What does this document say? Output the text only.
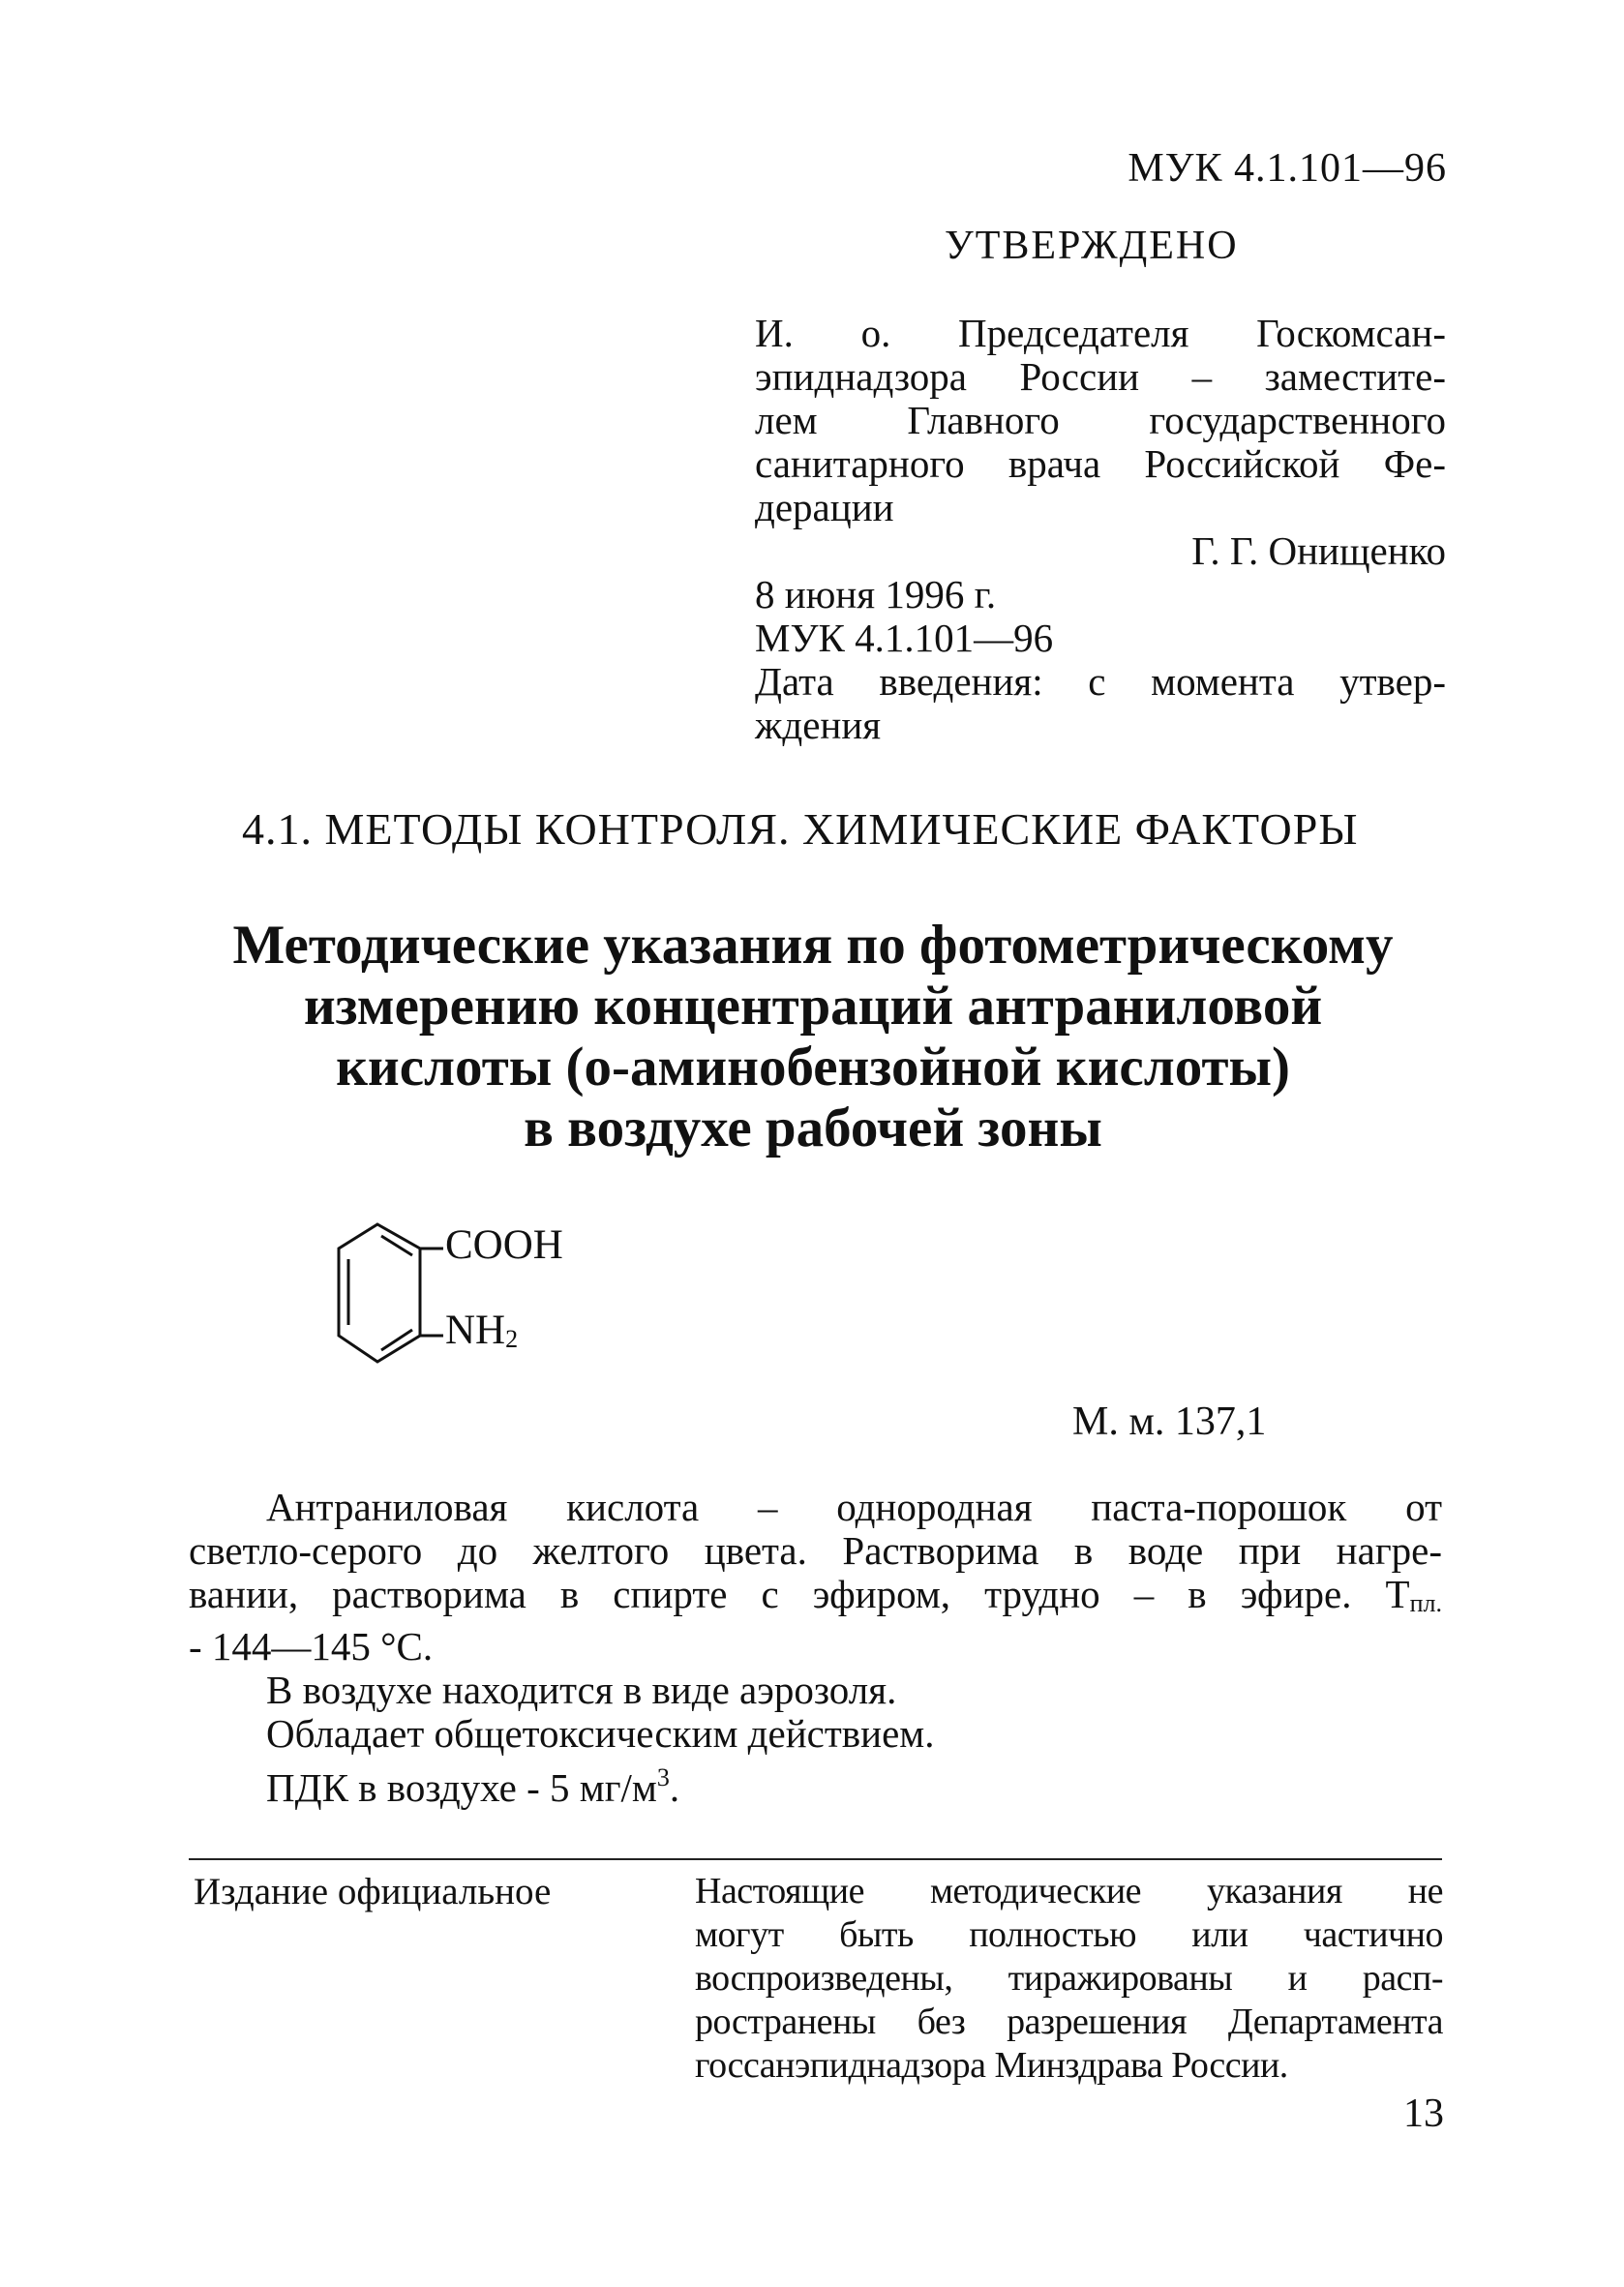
МУК 4.1.101—96
УТВЕРЖДЕНО
И. о. Председателя Госкомсан-
эпиднадзора России – заместите-
лем Главного государственного
санитарного врача Российской Фе-
дерации
Г. Г. Онищенко
8 июня 1996 г.
МУК 4.1.101—96
Дата введения: с момента утвер-
ждения
4.1. МЕТОДЫ КОНТРОЛЯ. ХИМИЧЕСКИЕ ФАКТОРЫ
Методические указания по фотометрическому
измерению концентраций антраниловой
кислоты (о-аминобензойной кислоты)
в воздухе рабочей зоны
COOH
$NH_2$
М. м. 137,1
Антраниловая кислота – однородная паста-порошок от
светло-серого до желтого цвета. Растворима в воде при нагре-
вании, растворима в спирте с эфиром, трудно – в эфире. $T_{пл.}$
- 144—145 °С.
В воздухе находится в виде аэрозоля.
Обладает общетоксическим действием.
ПДК в воздухе - 5 $мг/м^3$.
Издание официальное	Настоящие методические указания не
могут быть полностью или частично
воспроизведены, тиражированы и расп-
ространены без разрешения Департамента
госсанэпиднадзора Минздрава России.
13
